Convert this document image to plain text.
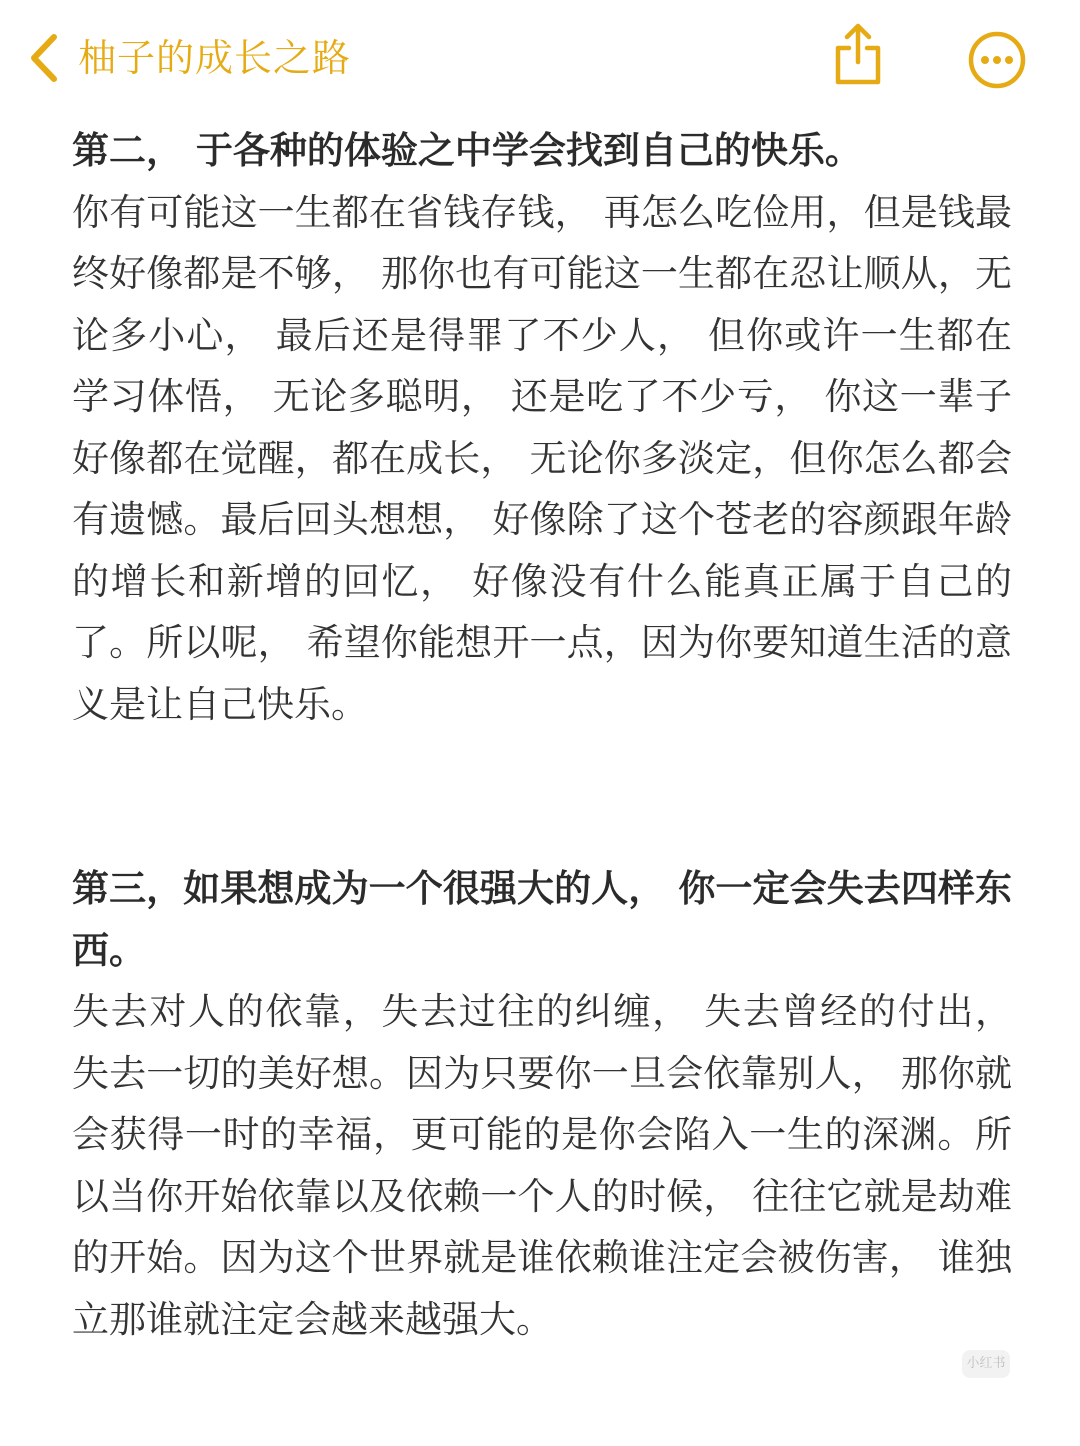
柚子的成长之路

第二， 于各种的体验之中学会找到自己的快乐。

你有可能这一生都在省钱存钱， 再怎么吃俭用，但是钱最终好像都是不够， 那你也有可能这一生都在忍让顺从，无论多小心， 最后还是得罪了不少人， 但你或许一生都在学习体悟， 无论多聪明， 还是吃了不少亏， 你这一辈子好像都在觉醒，都在成长， 无论你多淡定，但你怎么都会有遗憾。最后回头想想， 好像除了这个苍老的容颜跟年龄的增长和新增的回忆， 好像没有什么能真正属于自己的了。所以呢， 希望你能想开一点，因为你要知道生活的意义是让自己快乐。

第三，如果想成为一个很强大的人， 你一定会失去四样东西。

失去对人的依靠，失去过往的纠缠， 失去曾经的付出， 失去一切的美好想。因为只要你一旦会依靠别人， 那你就会获得一时的幸福，更可能的是你会陷入一生的深渊。所以当你开始依靠以及依赖一个人的时候， 往往它就是劫难的开始。因为这个世界就是谁依赖谁注定会被伤害， 谁独立那谁就注定会越来越强大。

小红书
